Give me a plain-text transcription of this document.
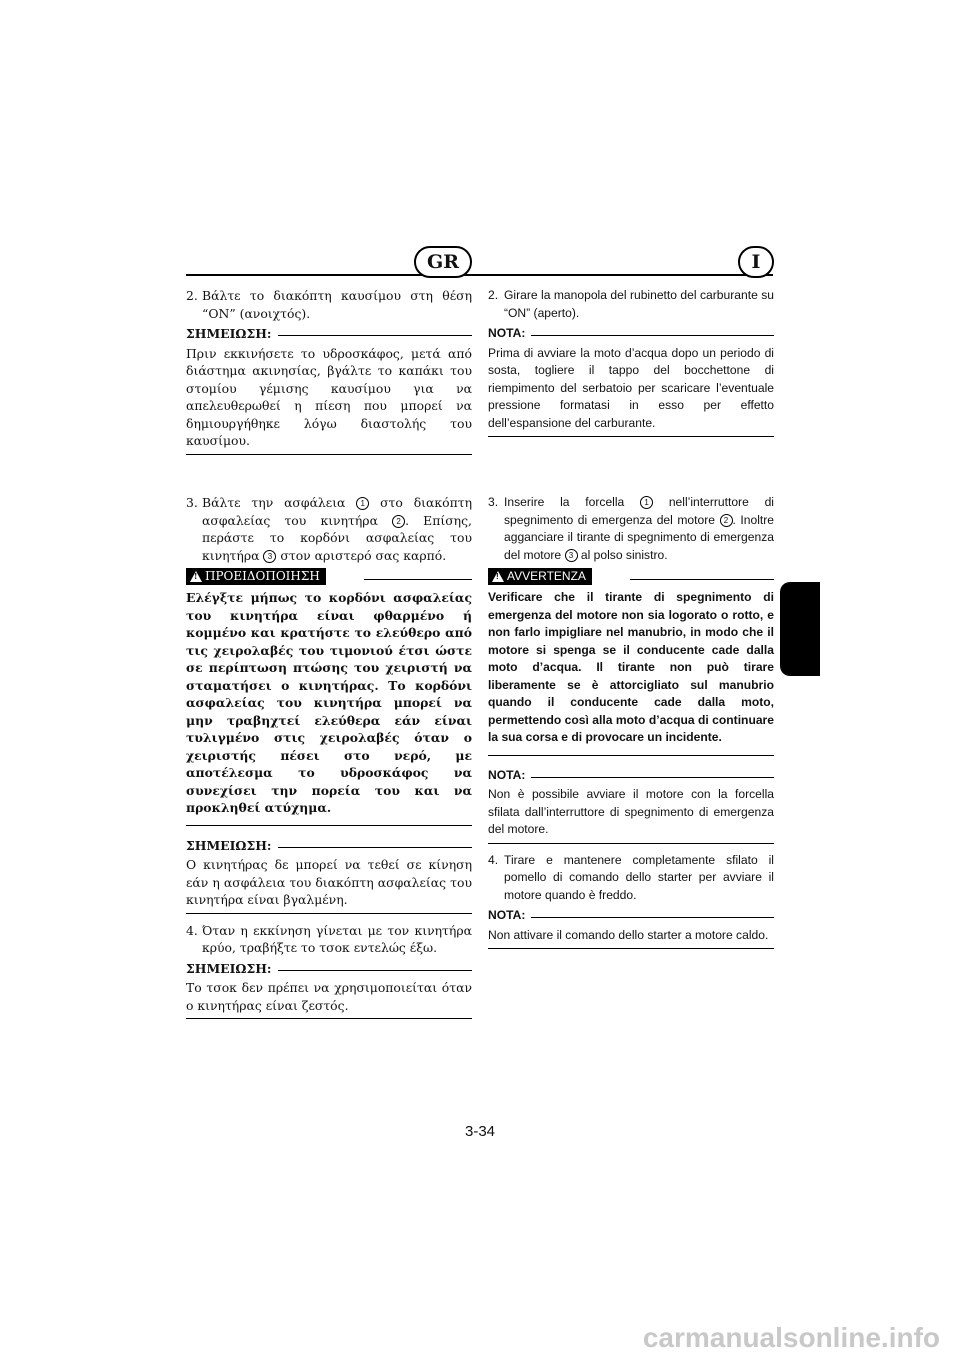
GR	I
2. Βάλτε το διακόπτη καυσίμου στη θέση “ON” (ανοιχτός).
ΣΗΜΕΙΩΣΗ:
Πριν εκκινήσετε το υδροσκάφος, μετά από διάστημα ακινησίας, βγάλτε το καπάκι του στομίου γέμισης καυσίμου για να απελευθερωθεί η πίεση που μπορεί να δημιουργήθηκε λόγω διαστολής του καυσίμου.
3. Βάλτε την ασφάλεια 1 στο διακόπτη ασφαλείας του κινητήρα 2 . Επίσης, περάστε το κορδόνι ασφαλείας του κινητήρα 3 στον αριστερό σας καρπό.
!
ΠΡΟΕΙΔΟΠΟΙΗΣΗ
Ελέγξτε μήπως το κορδόνι ασφαλείας του κινητήρα είναι φθαρμένο ή κομμένο και κρατήστε το ελεύθερο από τις χειρολαβές του τιμονιού έτσι ώστε σε περίπτωση πτώσης του χειριστή να σταματήσει ο κινητήρας. Το κορδόνι ασφαλείας του κινητήρα μπορεί να μην τραβηχτεί ελεύθερα εάν είναι τυλιγμένο στις χειρολαβές όταν ο χειριστής πέσει στο νερό, με αποτέλεσμα το υδροσκάφος να συνεχίσει την πορεία του και να προκληθεί ατύχημα.
ΣΗΜΕΙΩΣΗ:
Ο κινητήρας δε μπορεί να τεθεί σε κίνηση εάν η ασφάλεια του διακόπτη ασφαλείας του κινητήρα είναι βγαλμένη.
4. Όταν η εκκίνηση γίνεται με τον κινητήρα κρύο, τραβήξτε το τσοκ εντελώς έξω.
ΣΗΜΕΙΩΣΗ:
Το τσοκ δεν πρέπει να χρησιμοποιείται όταν ο κινητήρας είναι ζεστός.
2. Girare la manopola del rubinetto del carburante su “ON” (aperto).
NOTA:
Prima di avviare la moto d’acqua dopo un periodo di sosta, togliere il tappo del bocchettone di riempimento del serbatoio per scaricare l’eventuale pressione formatasi in esso per effetto dell’espansione del carburante.
3. Inserire la forcella 1 nell’interruttore di spegnimento di emergenza del motore 2 . Inoltre agganciare il tirante di spegnimento di emergenza del motore 3 al polso sinistro.
!
AVVERTENZA
Verificare che il tirante di spegnimento di emergenza del motore non sia logorato o rotto, e non farlo impigliare nel manubrio, in modo che il motore si spenga se il conducente cade dalla moto d’acqua. Il tirante non può tirare liberamente se è attorcigliato sul manubrio quando il conducente cade dalla moto, permettendo così alla moto d’acqua di continuare la sua corsa e di provocare un incidente.
NOTA:
Non è possibile avviare il motore con la forcella sfilata dall’interruttore di spegnimento di emergenza del motore.
4. Tirare e mantenere completamente sfilato il pomello di comando dello starter per avviare il motore quando è freddo.
NOTA:
Non attivare il comando dello starter a motore caldo.
3-34
carmanualsonline.info
